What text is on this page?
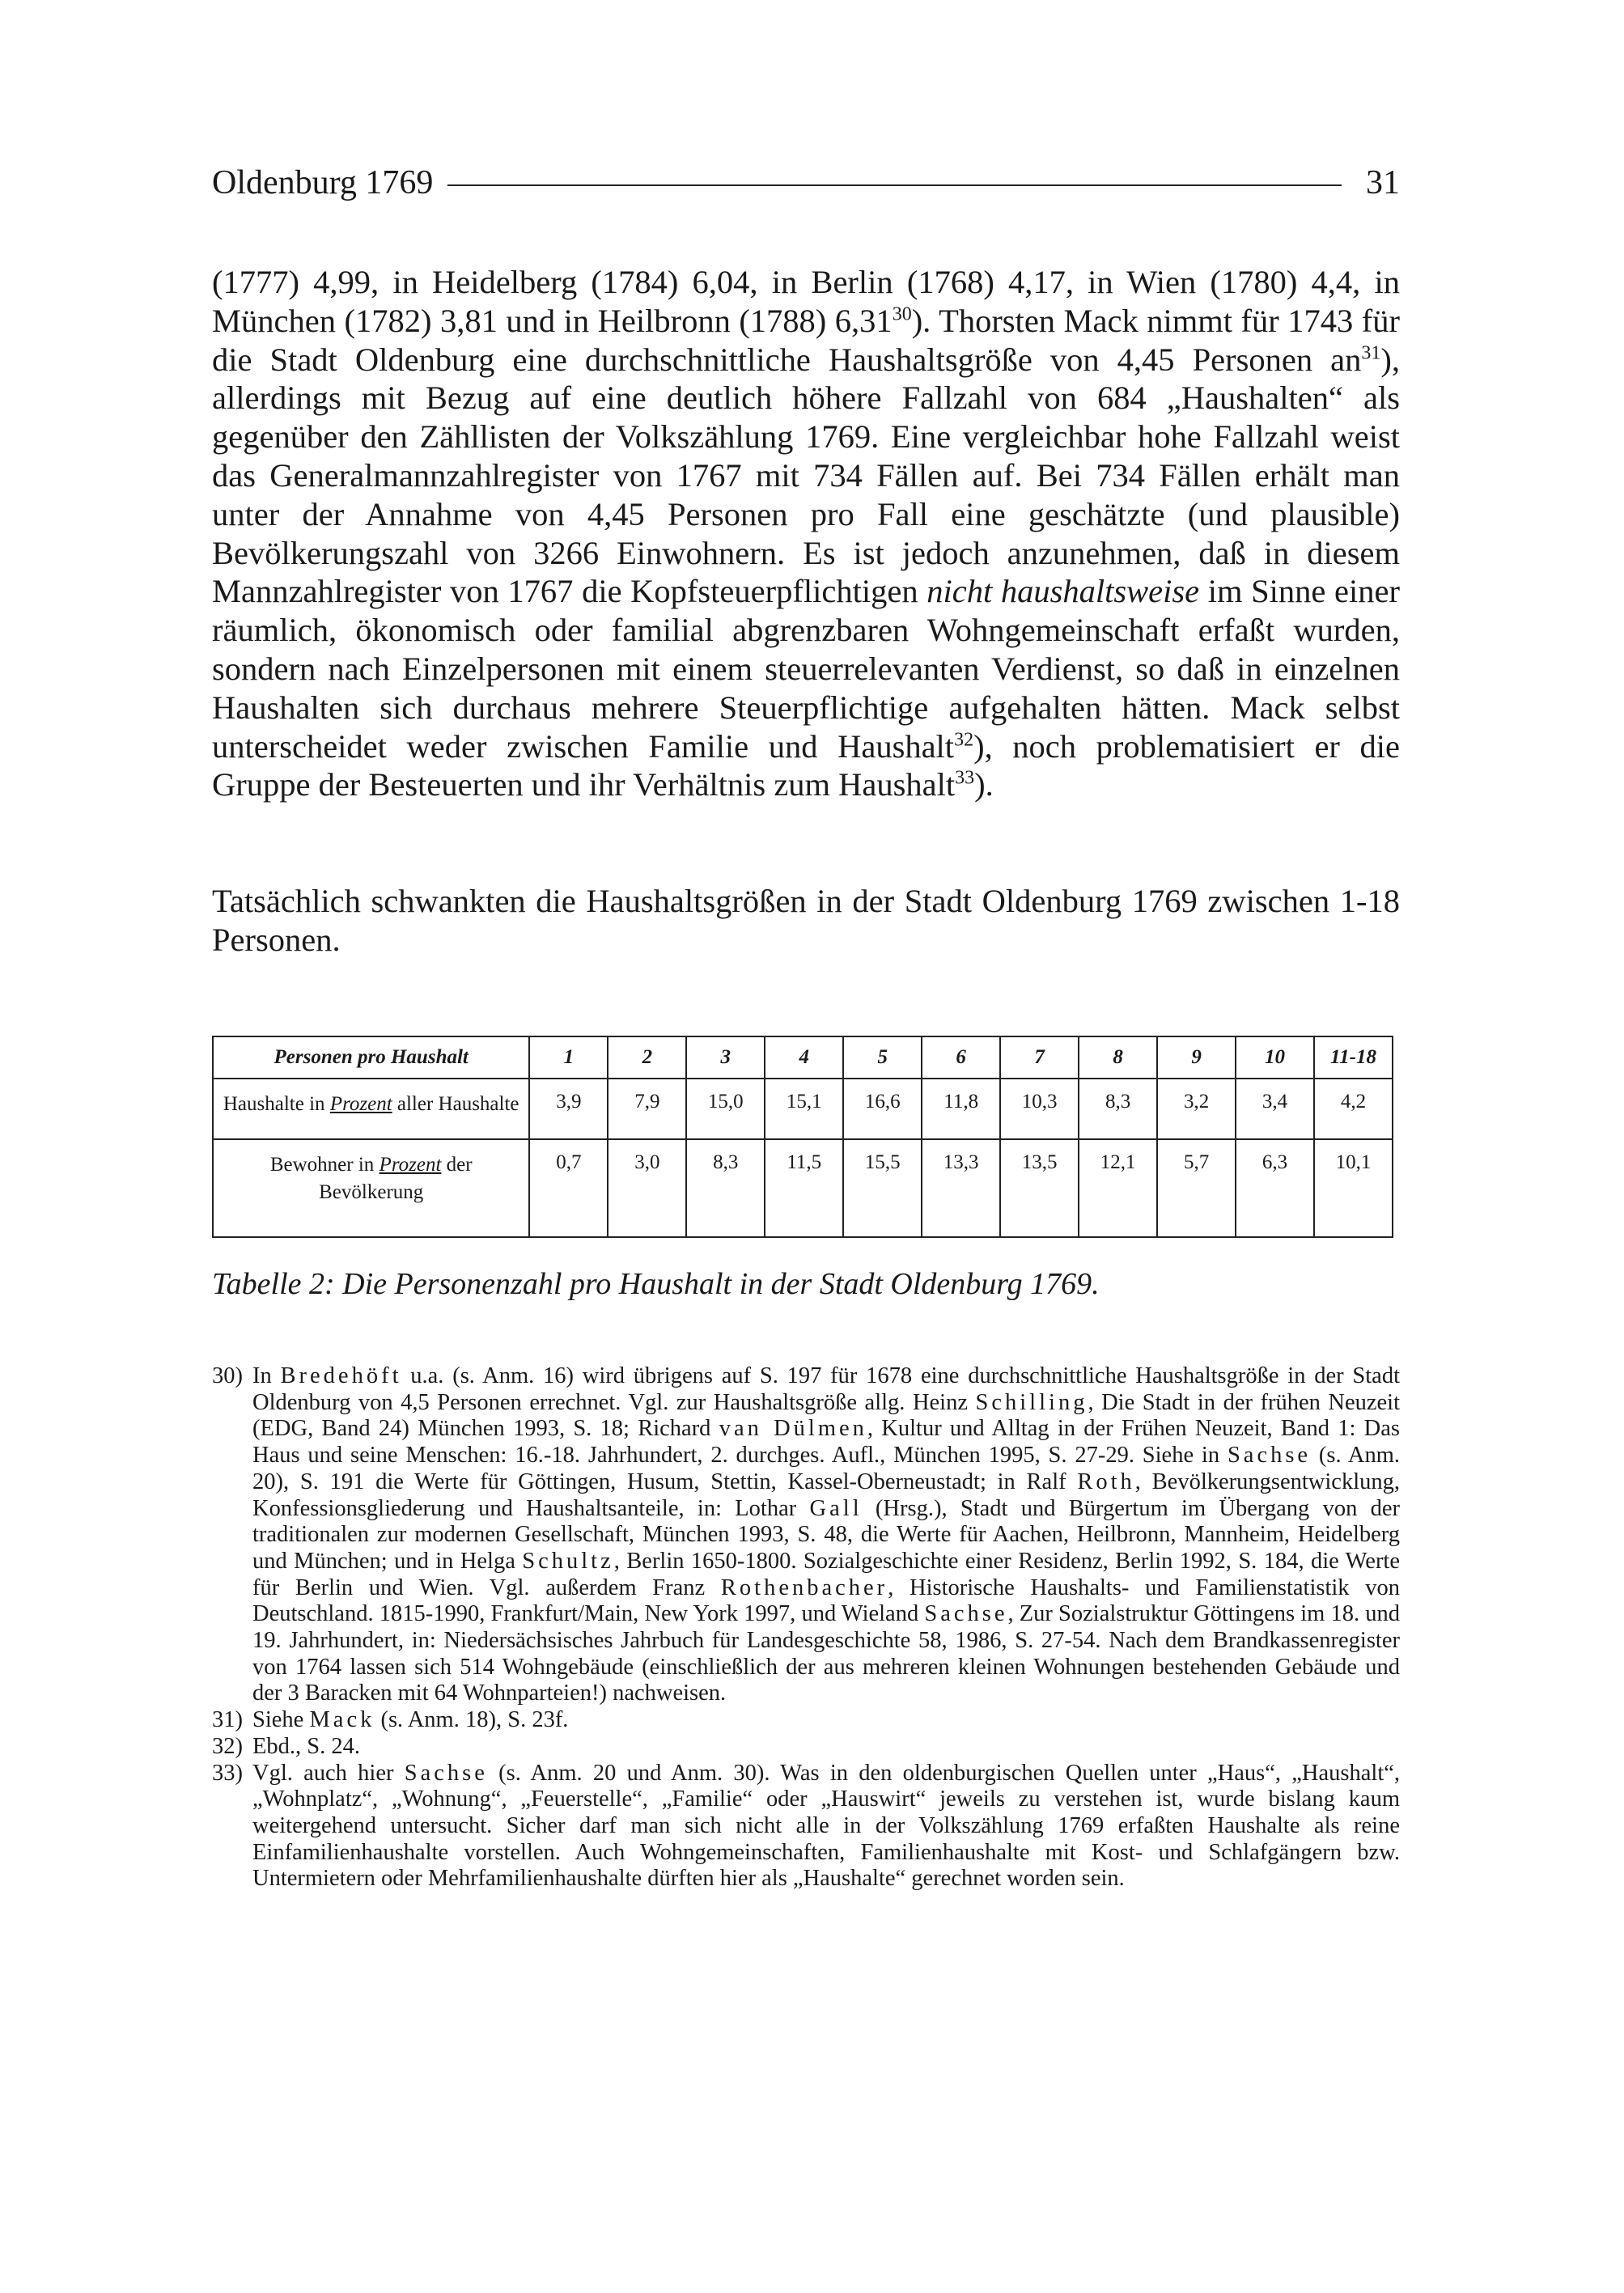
Oldenburg 1769	31

(1777) 4,99, in Heidelberg (1784) 6,04, in Berlin (1768) 4,17, in Wien (1780) 4,4, in München (1782) 3,81 und in Heilbronn (1788) 6,31$^{30}$). Thorsten Mack nimmt für 1743 für die Stadt Oldenburg eine durchschnittliche Haushaltsgröße von 4,45 Personen $an^{31}$), allerdings mit Bezug auf eine deutlich höhere Fallzahl von 684 „Haushalten“ als gegenüber den Zähllisten der Volkszählung 1769. Eine vergleichbar hohe Fallzahl weist das Generalmannzahlregister von 1767 mit 734 Fällen auf. Bei 734 Fällen erhält man unter der Annahme von 4,45 Personen pro Fall eine geschätzte (und plausible) Bevölkerungszahl von 3266 Einwohnern. Es ist jedoch anzunehmen, daß in diesem Mannzahlregister von 1767 die Kopfsteuerpflichtigen nicht haushaltsweise im Sinne einer räumlich, ökonomisch oder familial abgrenzbaren Wohngemeinschaft erfaßt wurden, sondern nach Einzelpersonen mit einem steuerrelevanten Verdienst, so daß in einzelnen Haushalten sich durchaus mehrere Steuerpflichtige aufgehalten hätten. Mack selbst unterscheidet weder zwischen Familie und Haushalt$^{32}$), noch problematisiert er die Gruppe der Besteuerten und ihr Verhältnis zum Haushalt$^{33}$).

Tatsächlich schwankten die Haushaltsgrößen in der Stadt Oldenburg 1769 zwischen 1-18 Personen.

Personen pro Haushalt	1	2	3	4	5	6	7	8	9	10	11-18
Haushalte in Prozent aller Haushalte	3,9	7,9	15,0	15,1	16,6	11,8	10,3	8,3	3,2	3,4	4,2
Bewohner in Prozent der Bevölkerung	0,7	3,0	8,3	11,5	15,5	13,3	13,5	12,1	5,7	6,3	10,1
Tabelle 2: Die Personenzahl pro Haushalt in der Stadt Oldenburg 1769.
30) In Bredehöft u.a. (s. Anm. 16) wird übrigens auf S. 197 für 1678 eine durchschnittliche Haushaltsgröße in der Stadt Oldenburg von 4,5 Personen errechnet. Vgl. zur Haushaltsgröße allg. Heinz Schilling, Die Stadt in der frühen Neuzeit (EDG, Band 24) München 1993, S. 18; Richard van Dülmen, Kultur und Alltag in der Frühen Neuzeit, Band 1: Das Haus und seine Menschen: 16.-18. Jahrhundert, 2. durchges. Aufl., München 1995, S. 27-29. Siehe in Sachse (s. Anm. 20), S. 191 die Werte für Göttingen, Husum, Stettin, Kassel-Oberneustadt; in Ralf Roth, Bevölkerungsentwicklung, Konfessionsgliederung und Haushaltsanteile, in: Lothar Gall (Hrsg.), Stadt und Bürgertum im Übergang von der traditionalen zur modernen Gesellschaft, München 1993, S. 48, die Werte für Aachen, Heilbronn, Mannheim, Heidelberg und München; und in Helga Schultz, Berlin 1650-1800. Sozialgeschichte einer Residenz, Berlin 1992, S. 184, die Werte für Berlin und Wien. Vgl. außerdem Franz Rothenbacher, Historische Haushalts- und Familienstatistik von Deutschland. 1815-1990, Frankfurt/Main, New York 1997, und Wieland Sachse, Zur Sozialstruktur Göttingens im 18. und 19. Jahrhundert, in: Niedersächsisches Jahrbuch für Landesgeschichte 58, 1986, S. 27-54. Nach dem Brandkassenregister von 1764 lassen sich 514 Wohngebäude (einschließlich der aus mehreren kleinen Wohnungen bestehenden Gebäude und der 3 Baracken mit 64 Wohnparteien!) nachweisen.
31) Siehe Mack (s. Anm. 18), S. 23f.
32) Ebd., S. 24.
33) Vgl. auch hier Sachse (s. Anm. 20 und Anm. 30). Was in den oldenburgischen Quellen unter „Haus“, „Haushalt“, „Wohnplatz“, „Wohnung“, „Feuerstelle“, „Familie“ oder „Hauswirt“ jeweils zu verstehen ist, wurde bislang kaum weitergehend untersucht. Sicher darf man sich nicht alle in der Volkszählung 1769 erfaßten Haushalte als reine Einfamilienhaushalte vorstellen. Auch Wohngemeinschaften, Familienhaushalte mit Kost- und Schlafgängern bzw. Untermietern oder Mehrfamilienhaushalte dürften hier als „Haushalte“ gerechnet worden sein.
